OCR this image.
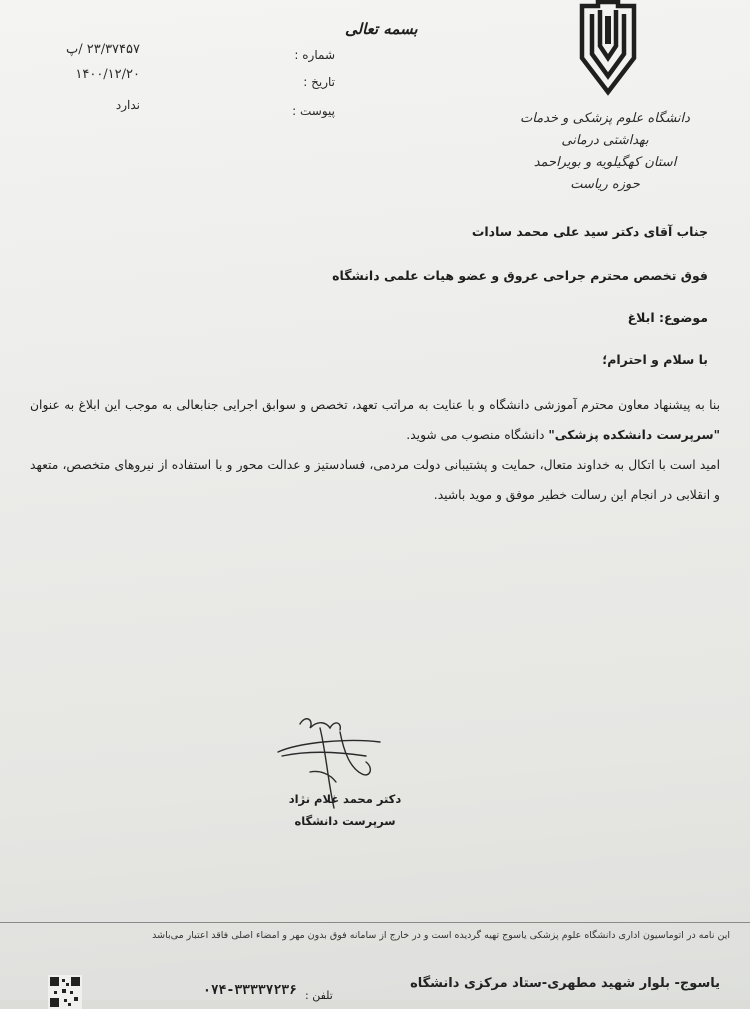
بسمه تعالی
دانشگاه علوم پزشکی و خدمات بهداشتی درمانی
استان کهگیلویه و بویراحمد
حوزه ریاست
شماره :
۲۳/۳۷۴۵۷ /پ
تاریخ :
۱۴۰۰/۱۲/۲۰
پیوست :
ندارد
جناب آقای دکتر سید علی محمد سادات
فوق تخصص محترم جراحی عروق و عضو هیات علمی دانشگاه
موضوع: ابلاغ
با سلام و احترام؛

بنا به پیشنهاد معاون محترم آموزشی دانشگاه و با عنایت به مراتب تعهد، تخصص و سوابق اجرایی جنابعالی به موجب این ابلاغ به عنوان "سرپرست دانشکده پزشکی" دانشگاه منصوب می شوید.

امید است با اتکال به خداوند متعال، حمایت و پشتیبانی دولت مردمی، فسادستیز و عدالت محور و با استفاده از نیروهای متخصص، متعهد و انقلابی در انجام این رسالت خطیر موفق و موید باشید.

دکتر محمد غلام نژاد
سرپرست دانشگاه
این نامه در اتوماسیون اداری دانشگاه علوم پزشکی یاسوج تهیه گردیده است و در خارج از سامانه فوق بدون مهر و امضاء اصلی فاقد اعتبار می‌باشد
یاسوج- بلوار شهید مطهری-ستاد مرکزی دانشگاه
تلفن :
۰۷۴-۳۳۳۳۷۲۳۶
